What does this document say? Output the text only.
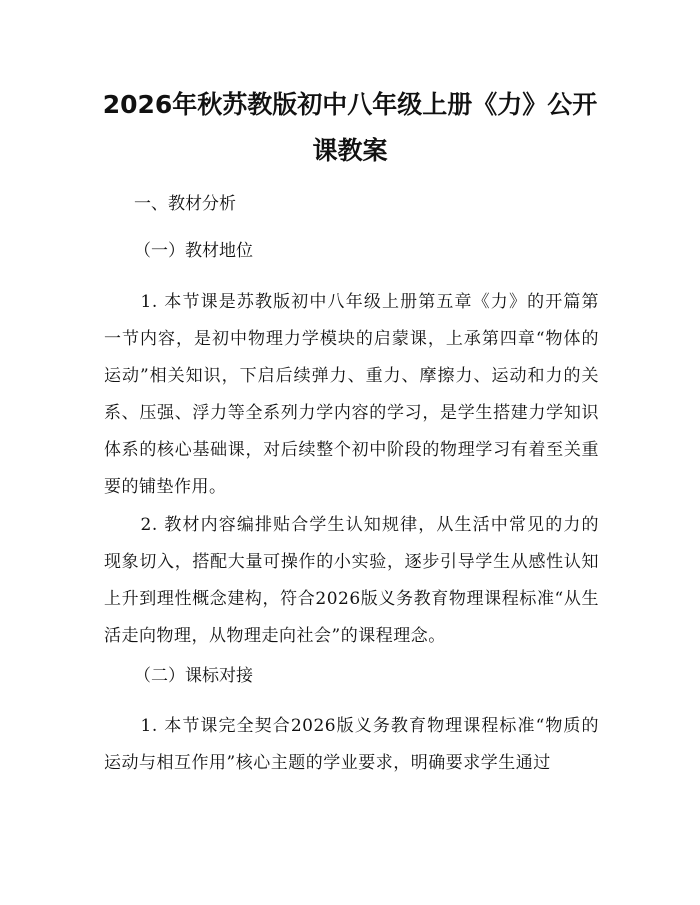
2026年秋苏教版初中八年级上册《力》公开
课教案

一、教材分析

（一）教材地位

1. 本节课是苏教版初中八年级上册第五章《力》的开篇第一节内容，是初中物理力学模块的启蒙课，上承第四章“物体的运动”相关知识，下启后续弹力、重力、摩擦力、运动和力的关系、压强、浮力等全系列力学内容的学习，是学生搭建力学知识体系的核心基础课，对后续整个初中阶段的物理学习有着至关重要的铺垫作用。

2. 教材内容编排贴合学生认知规律，从生活中常见的力的现象切入，搭配大量可操作的小实验，逐步引导学生从感性认知上升到理性概念建构，符合2026版义务教育物理课程标准“从生活走向物理，从物理走向社会”的课程理念。

（二）课标对接

1. 本节课完全契合2026版义务教育物理课程标准“物质的运动与相互作用”核心主题的学业要求，明确要求学生通过
